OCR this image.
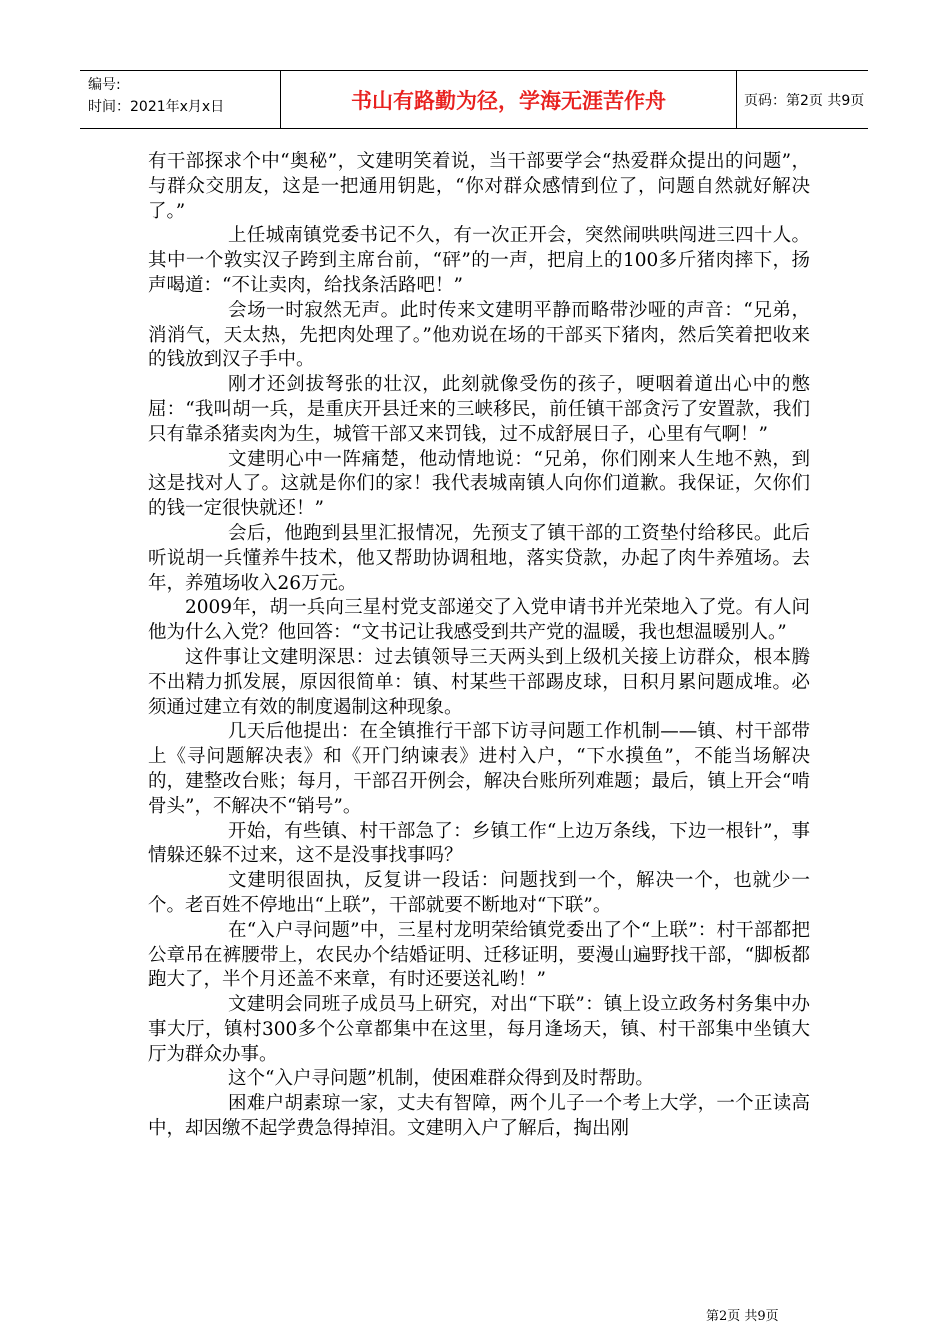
编号:
时间：2021年x月x日	书山有路勤为径，学海无涯苦作舟	页码：第2页 共9页

有干部探求个中“奥秘”，文建明笑着说，当干部要学会“热爱群众提出的问题”，与群众交朋友，这是一把通用钥匙，“你对群众感情到位了，问题自然就好解决了。”

上任城南镇党委书记不久，有一次正开会，突然闹哄哄闯进三四十人。其中一个敦实汉子跨到主席台前，“砰”的一声，把肩上的100多斤猪肉摔下，扬声喝道：“不让卖肉，给找条活路吧！”

会场一时寂然无声。此时传来文建明平静而略带沙哑的声音：“兄弟，消消气，天太热，先把肉处理了。”他劝说在场的干部买下猪肉，然后笑着把收来的钱放到汉子手中。

刚才还剑拔弩张的壮汉，此刻就像受伤的孩子，哽咽着道出心中的憋屈：“我叫胡一兵，是重庆开县迁来的三峡移民，前任镇干部贪污了安置款，我们只有靠杀猪卖肉为生，城管干部又来罚钱，过不成舒展日子，心里有气啊！”

文建明心中一阵痛楚，他动情地说：“兄弟，你们刚来人生地不熟，到这是找对人了。这就是你们的家！我代表城南镇人向你们道歉。我保证，欠你们的钱一定很快就还！”

会后，他跑到县里汇报情况，先预支了镇干部的工资垫付给移民。此后听说胡一兵懂养牛技术，他又帮助协调租地，落实贷款，办起了肉牛养殖场。去年，养殖场收入26万元。

2009年，胡一兵向三星村党支部递交了入党申请书并光荣地入了党。有人问他为什么入党？他回答：“文书记让我感受到共产党的温暖，我也想温暖别人。”

这件事让文建明深思：过去镇领导三天两头到上级机关接上访群众，根本腾不出精力抓发展，原因很简单：镇、村某些干部踢皮球，日积月累问题成堆。必须通过建立有效的制度遏制这种现象。

几天后他提出：在全镇推行干部下访寻问题工作机制——镇、村干部带上《寻问题解决表》和《开门纳谏表》进村入户，“下水摸鱼”，不能当场解决的，建整改台账；每月，干部召开例会，解决台账所列难题；最后，镇上开会“啃骨头”，不解决不“销号”。

开始，有些镇、村干部急了：乡镇工作“上边万条线，下边一根针”，事情躲还躲不过来，这不是没事找事吗？

文建明很固执，反复讲一段话：问题找到一个，解决一个，也就少一个。老百姓不停地出“上联”，干部就要不断地对“下联”。

在“入户寻问题”中，三星村龙明荣给镇党委出了个“上联”：村干部都把公章吊在裤腰带上，农民办个结婚证明、迁移证明，要漫山遍野找干部，“脚板都跑大了，半个月还盖不来章，有时还要送礼哟！”

文建明会同班子成员马上研究，对出“下联”：镇上设立政务村务集中办事大厅，镇村300多个公章都集中在这里，每月逢场天，镇、村干部集中坐镇大厅为群众办事。

这个“入户寻问题”机制，使困难群众得到及时帮助。

困难户胡素琼一家，丈夫有智障，两个儿子一个考上大学，一个正读高中，却因缴不起学费急得掉泪。文建明入户了解后，掏出刚

第2页 共9页
